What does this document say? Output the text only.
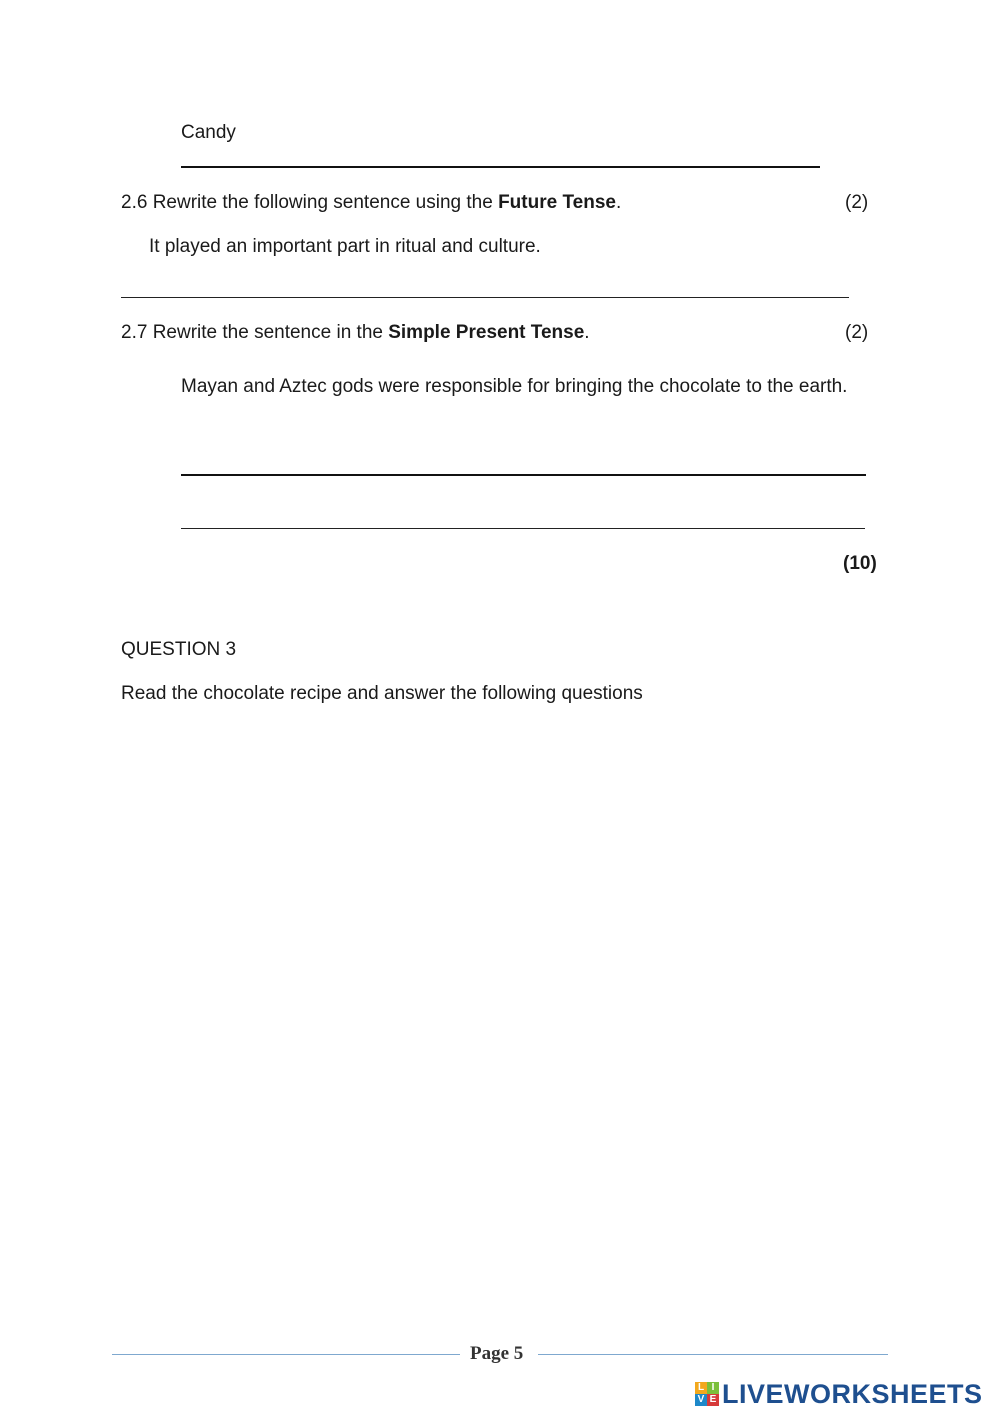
Candy
2.6 Rewrite the following sentence using the Future Tense.	(2)
It played an important part in ritual and culture.
2.7 Rewrite the sentence in the Simple Present Tense.	(2)
Mayan and Aztec gods were responsible for bringing the chocolate to the earth.
(10)
QUESTION 3
Read the chocolate recipe and answer the following questions
Page 5
L I
V E LIVEWORKSHEETS
